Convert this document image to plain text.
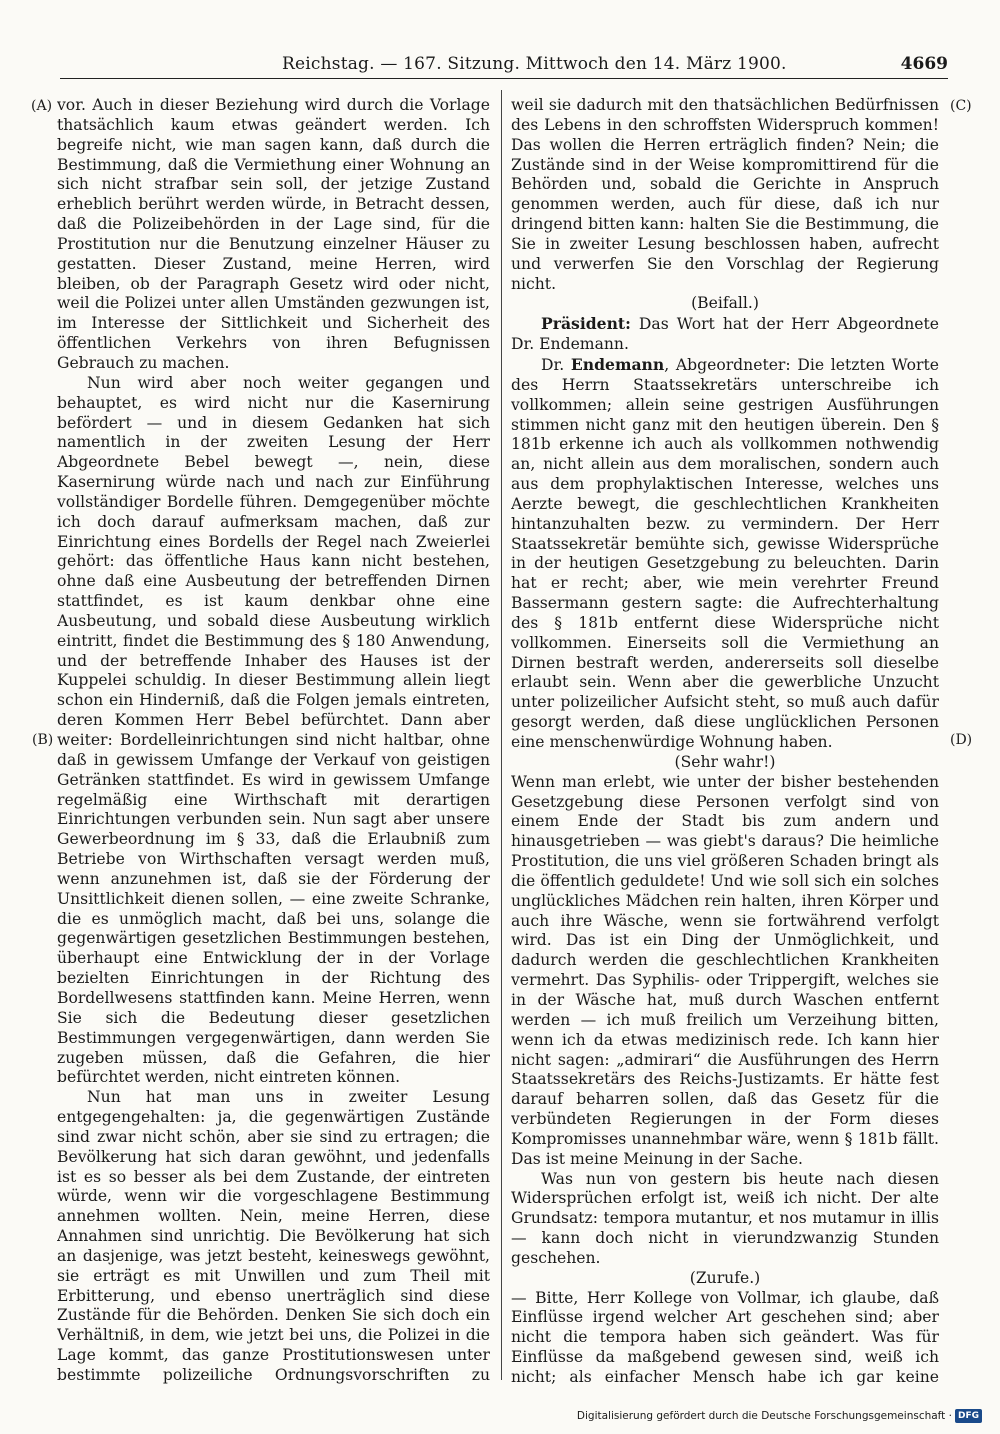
Reichstag. — 167. Sitzung. Mittwoch den 14. März 1900.	4669
(A)
(B)
(C)
(D)

vor. Auch in dieser Beziehung wird durch die Vorlage thatsächlich kaum etwas geändert werden. Ich begreife nicht, wie man sagen kann, daß durch die Bestimmung, daß die Vermiethung einer Wohnung an sich nicht strafbar sein soll, der jetzige Zustand erheblich berührt werden würde, in Betracht dessen, daß die Polizeibehörden in der Lage sind, für die Prostitution nur die Benutzung einzelner Häuser zu gestatten. Dieser Zustand, meine Herren, wird bleiben, ob der Paragraph Gesetz wird oder nicht, weil die Polizei unter allen Umständen gezwungen ist, im Interesse der Sittlichkeit und Sicherheit des öffentlichen Verkehrs von ihren Befugnissen Gebrauch zu machen.

Nun wird aber noch weiter gegangen und behauptet, es wird nicht nur die Kasernirung befördert — und in diesem Gedanken hat sich namentlich in der zweiten Lesung der Herr Abgeordnete Bebel bewegt —, nein, diese Kasernirung würde nach und nach zur Einführung vollständiger Bordelle führen. Demgegenüber möchte ich doch darauf aufmerksam machen, daß zur Einrichtung eines Bordells der Regel nach Zweierlei gehört: das öffentliche Haus kann nicht bestehen, ohne daß eine Ausbeutung der betreffenden Dirnen stattfindet, es ist kaum denkbar ohne eine Ausbeutung, und sobald diese Ausbeutung wirklich eintritt, findet die Bestimmung des § 180 Anwendung, und der betreffende Inhaber des Hauses ist der Kuppelei schuldig. In dieser Bestimmung allein liegt schon ein Hinderniß, daß die Folgen jemals eintreten, deren Kommen Herr Bebel befürchtet. Dann aber weiter: Bordelleinrichtungen sind nicht haltbar, ohne daß in gewissem Umfange der Verkauf von geistigen Getränken stattfindet. Es wird in gewissem Umfange regelmäßig eine Wirthschaft mit derartigen Einrichtungen verbunden sein. Nun sagt aber unsere Gewerbeordnung im § 33, daß die Erlaubniß zum Betriebe von Wirthschaften versagt werden muß, wenn anzunehmen ist, daß sie der Förderung der Unsittlichkeit dienen sollen, — eine zweite Schranke, die es unmöglich macht, daß bei uns, solange die gegenwärtigen gesetzlichen Bestimmungen bestehen, überhaupt eine Entwicklung der in der Vorlage bezielten Einrichtungen in der Richtung des Bordellwesens stattfinden kann. Meine Herren, wenn Sie sich die Bedeutung dieser gesetzlichen Bestimmungen vergegenwärtigen, dann werden Sie zugeben müssen, daß die Gefahren, die hier befürchtet werden, nicht eintreten können.

Nun hat man uns in zweiter Lesung entgegengehalten: ja, die gegenwärtigen Zustände sind zwar nicht schön, aber sie sind zu ertragen; die Bevölkerung hat sich daran gewöhnt, und jedenfalls ist es so besser als bei dem Zustande, der eintreten würde, wenn wir die vorgeschlagene Bestimmung annehmen wollten. Nein, meine Herren, diese Annahmen sind unrichtig. Die Bevölkerung hat sich an dasjenige, was jetzt besteht, keineswegs gewöhnt, sie erträgt es mit Unwillen und zum Theil mit Erbitterung, und ebenso unerträglich sind diese Zustände für die Behörden. Denken Sie sich doch ein Verhältniß, in dem, wie jetzt bei uns, die Polizei in die Lage kommt, das ganze Prostitutionswesen unter bestimmte polizeiliche Ordnungsvorschriften zu

weil sie dadurch mit den thatsächlichen Bedürfnissen des Lebens in den schroffsten Widerspruch kommen! Das wollen die Herren erträglich finden? Nein; die Zustände sind in der Weise kompromittirend für die Behörden und, sobald die Gerichte in Anspruch genommen werden, auch für diese, daß ich nur dringend bitten kann: halten Sie die Bestimmung, die Sie in zweiter Lesung beschlossen haben, aufrecht und verwerfen Sie den Vorschlag der Regierung nicht.

(Beifall.)

Präsident: Das Wort hat der Herr Abgeordnete Dr. Endemann.

Dr. Endemann, Abgeordneter: Die letzten Worte des Herrn Staatssekretärs unterschreibe ich vollkommen; allein seine gestrigen Ausführungen stimmen nicht ganz mit den heutigen überein. Den § 181b erkenne ich auch als vollkommen nothwendig an, nicht allein aus dem moralischen, sondern auch aus dem prophylaktischen Interesse, welches uns Aerzte bewegt, die geschlechtlichen Krankheiten hintanzuhalten bezw. zu vermindern. Der Herr Staatssekretär bemühte sich, gewisse Widersprüche in der heutigen Gesetzgebung zu beleuchten. Darin hat er recht; aber, wie mein verehrter Freund Bassermann gestern sagte: die Aufrechterhaltung des § 181b entfernt diese Widersprüche nicht vollkommen. Einerseits soll die Vermiethung an Dirnen bestraft werden, andererseits soll dieselbe erlaubt sein. Wenn aber die gewerbliche Unzucht unter polizeilicher Aufsicht steht, so muß auch dafür gesorgt werden, daß diese unglücklichen Personen eine menschenwürdige Wohnung haben.

(Sehr wahr!)

Wenn man erlebt, wie unter der bisher bestehenden Gesetzgebung diese Personen verfolgt sind von einem Ende der Stadt bis zum andern und hinausgetrieben — was giebt's daraus? Die heimliche Prostitution, die uns viel größeren Schaden bringt als die öffentlich geduldete! Und wie soll sich ein solches unglückliches Mädchen rein halten, ihren Körper und auch ihre Wäsche, wenn sie fortwährend verfolgt wird. Das ist ein Ding der Unmöglichkeit, und dadurch werden die geschlechtlichen Krankheiten vermehrt. Das Syphilis- oder Trippergift, welches sie in der Wäsche hat, muß durch Waschen entfernt werden — ich muß freilich um Verzeihung bitten, wenn ich da etwas medizinisch rede. Ich kann hier nicht sagen: „admirari“ die Ausführungen des Herrn Staatssekretärs des Reichs-Justizamts. Er hätte fest darauf beharren sollen, daß das Gesetz für die verbündeten Regierungen in der Form dieses Kompromisses unannehmbar wäre, wenn § 181b fällt. Das ist meine Meinung in der Sache.

Was nun von gestern bis heute nach diesen Widersprüchen erfolgt ist, weiß ich nicht. Der alte Grundsatz: tempora mutantur, et nos mutamur in illis — kann doch nicht in vierundzwanzig Stunden geschehen.

(Zurufe.)

— Bitte, Herr Kollege von Vollmar, ich glaube, daß Einflüsse irgend welcher Art geschehen sind; aber nicht die tempora haben sich geändert. Was für Einflüsse da maßgebend gewesen sind, weiß ich nicht; als einfacher Mensch habe ich gar keine

Digitalisierung gefördert durch die Deutsche Forschungsgemeinschaft · DFG
